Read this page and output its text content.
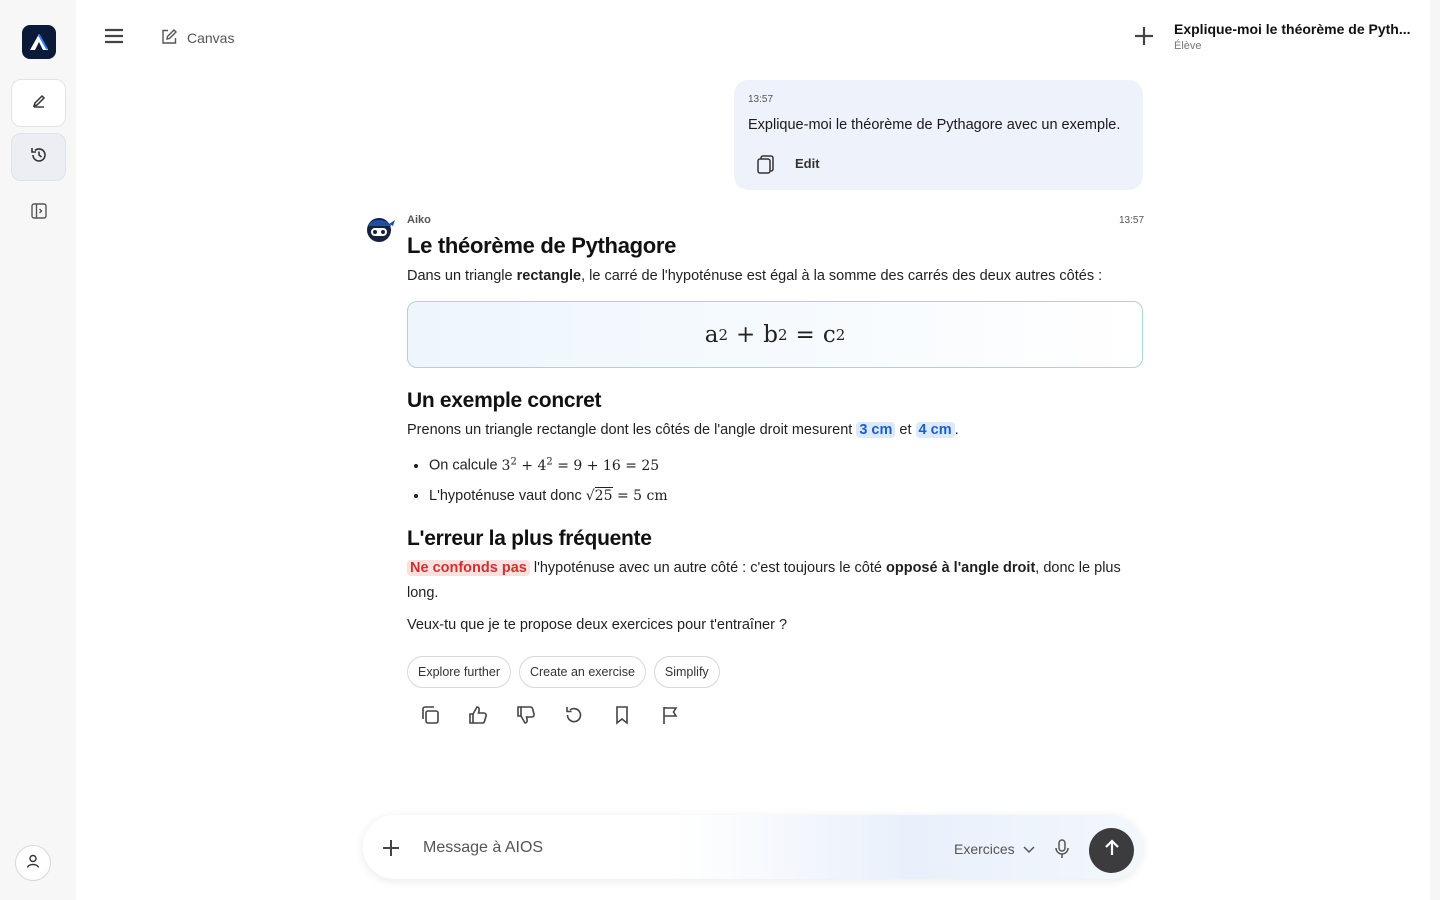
Canvas
Explique-moi le théorème de Pyth...
Élève
13:57
Explique-moi le théorème de Pythagore avec un exemple.
Edit
Aiko	13:57
Le théorème de Pythagore

Dans un triangle rectangle, le carré de l'hypoténuse est égal à la somme des carrés des deux autres côtés :

a 2 + b 2 = c 2
Un exemple concret

Prenons un triangle rectangle dont les côtés de l'angle droit mesurent 3 cm et 4 cm .

• On calcule $3^2 + 4^2 = 9 + 16 = 25$
• L'hypoténuse vaut donc √25 = 5 cm
L'erreur la plus fréquente

Ne confonds pas l'hypoténuse avec un autre côté : c'est toujours le côté opposé à l'angle droit, donc le plus long.

Veux-tu que je te propose deux exercices pour t'entraîner ?

Explore further	Create an exercise	Simplify
Message à AIOS
Exercices
